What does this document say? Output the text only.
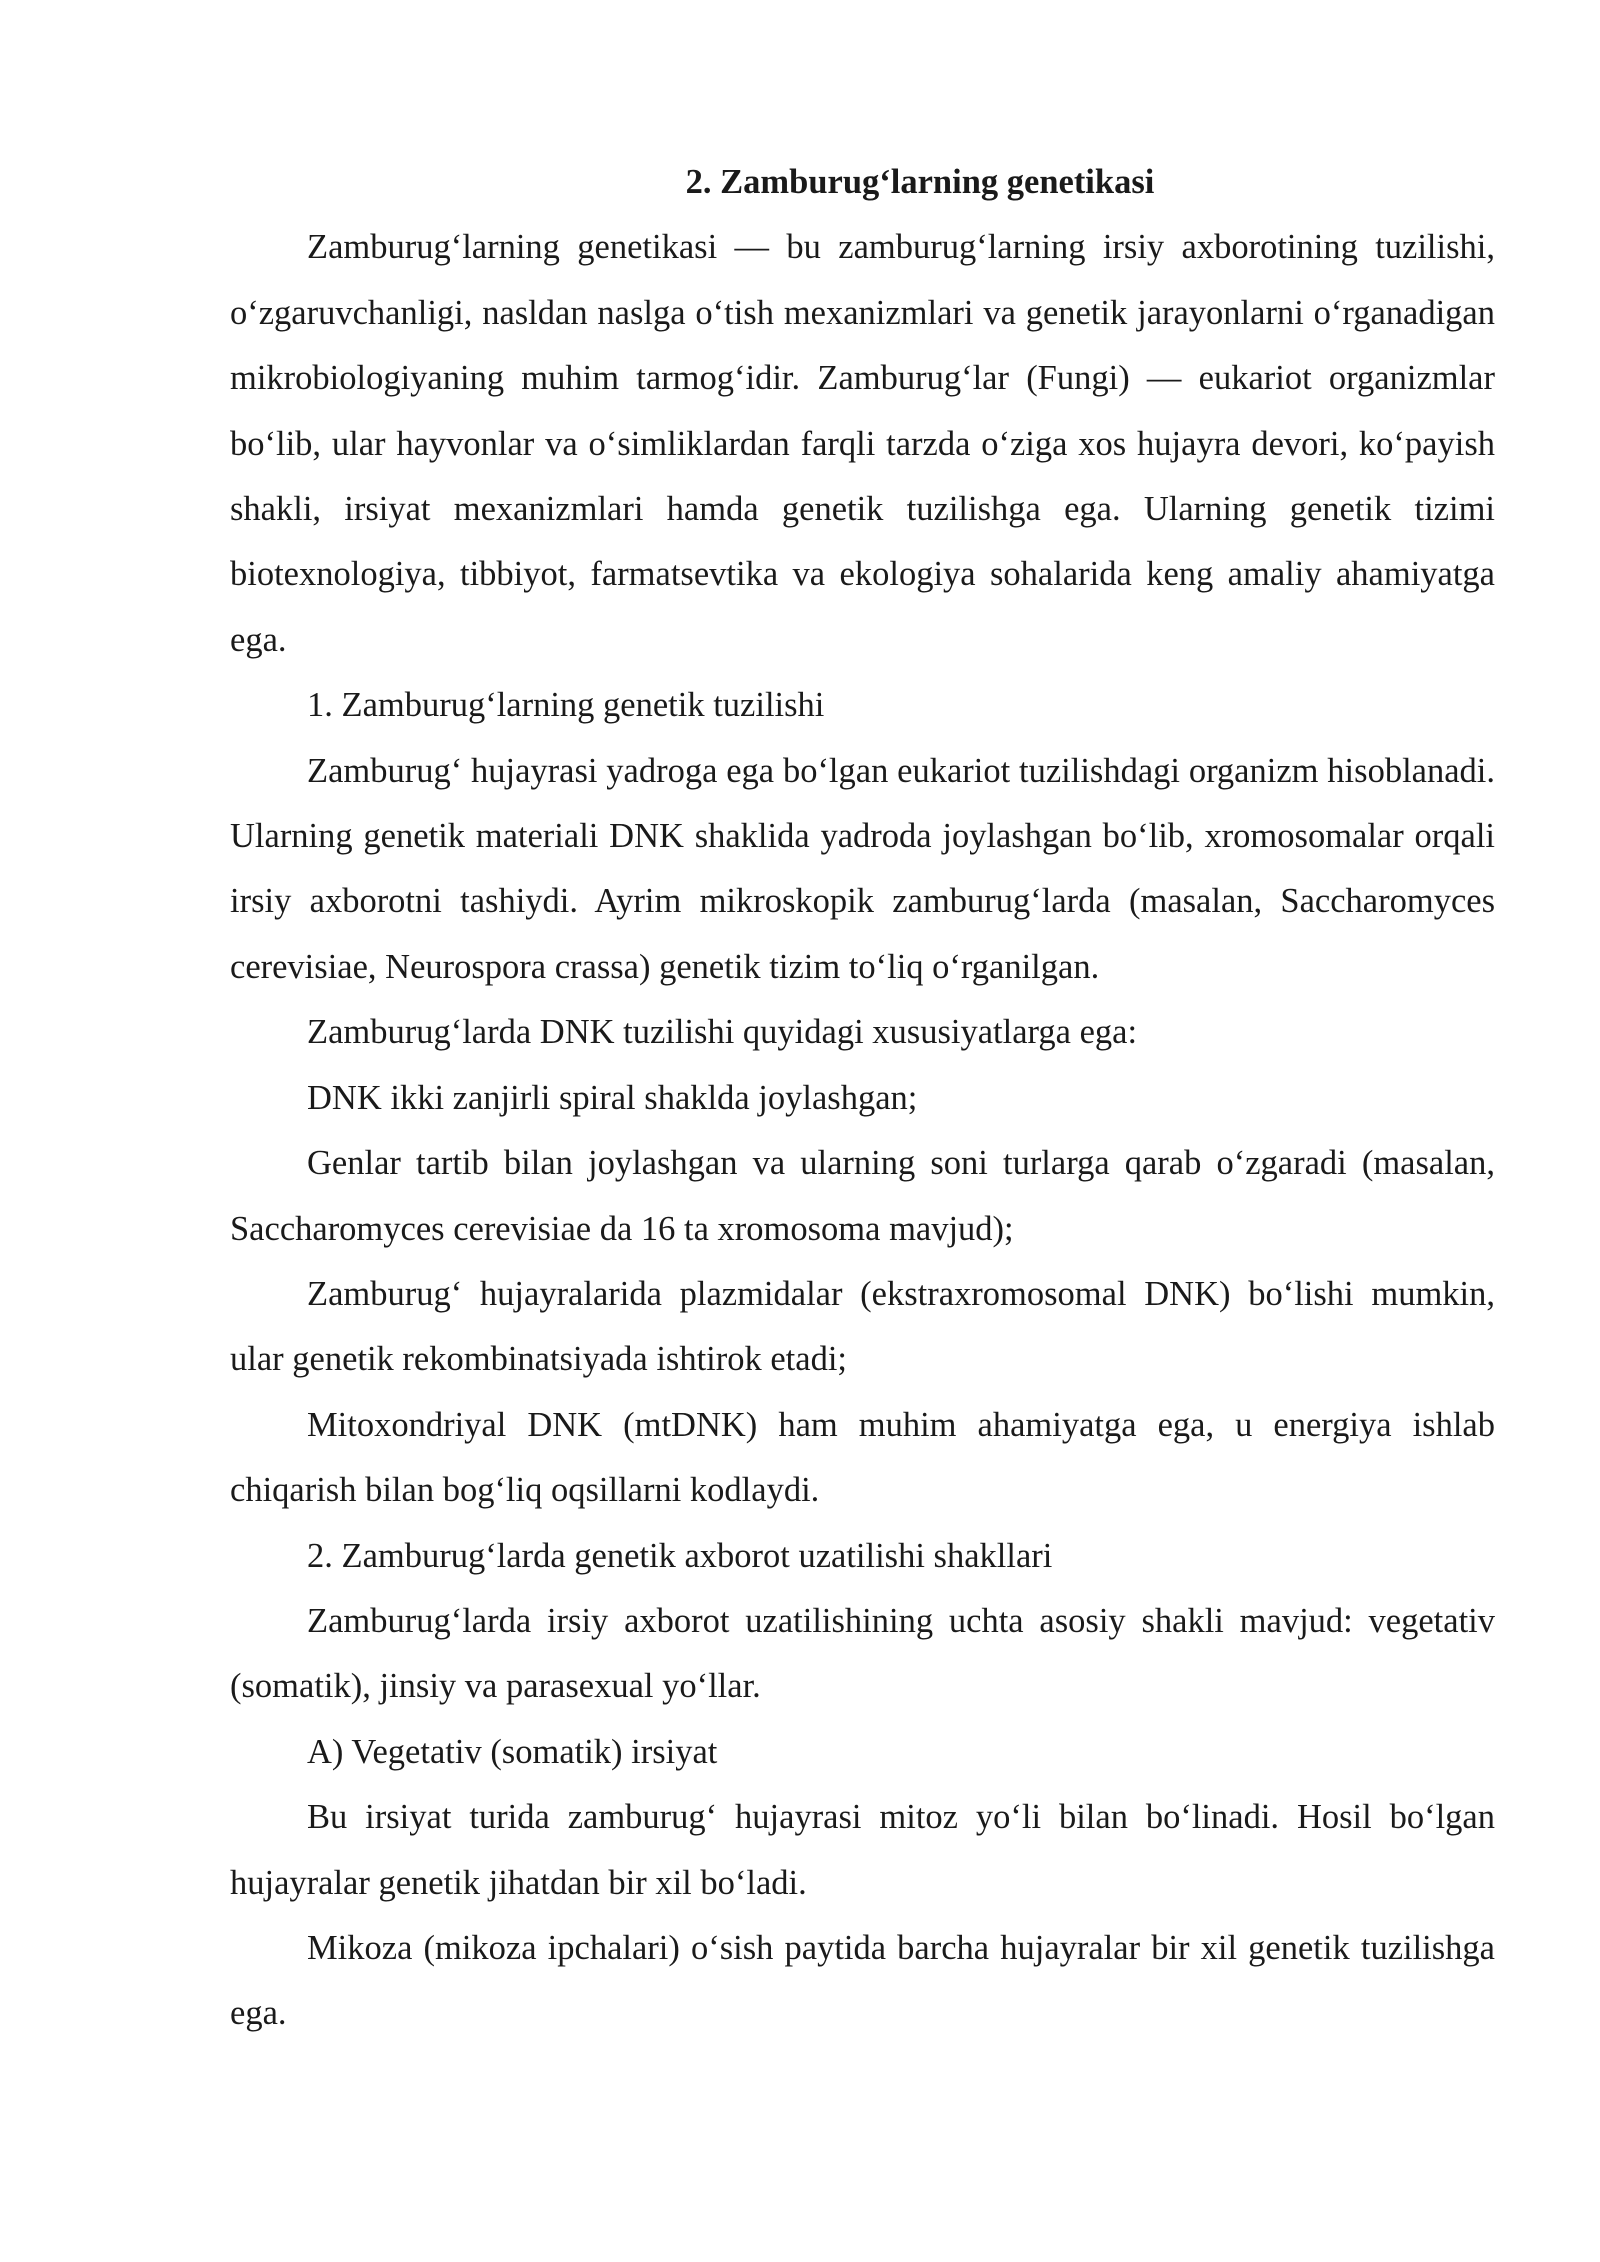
2. Zamburug‘larning genetikasi

Zamburug‘larning genetikasi — bu zamburug‘larning irsiy axborotining tuzilishi, o‘zgaruvchanligi, nasldan naslga o‘tish mexanizmlari va genetik jarayonlarni o‘rganadigan mikrobiologiyaning muhim tarmog‘idir. Zamburug‘lar (Fungi) — eukariot organizmlar bo‘lib, ular hayvonlar va o‘simliklardan farqli tarzda o‘ziga xos hujayra devori, ko‘payish shakli, irsiyat mexanizmlari hamda genetik tuzilishga ega. Ularning genetik tizimi biotexnologiya, tibbiyot, farmatsevtika va ekologiya sohalarida keng amaliy ahamiyatga ega.

1. Zamburug‘larning genetik tuzilishi

Zamburug‘ hujayrasi yadroga ega bo‘lgan eukariot tuzilishdagi organizm hisoblanadi. Ularning genetik materiali DNK shaklida yadroda joylashgan bo‘lib, xromosomalar orqali irsiy axborotni tashiydi. Ayrim mikroskopik zamburug‘larda (masalan, Saccharomyces cerevisiae, Neurospora crassa) genetik tizim to‘liq o‘rganilgan.

Zamburug‘larda DNK tuzilishi quyidagi xususiyatlarga ega:

DNK ikki zanjirli spiral shaklda joylashgan;

Genlar tartib bilan joylashgan va ularning soni turlarga qarab o‘zgaradi (masalan, Saccharomyces cerevisiae da 16 ta xromosoma mavjud);

Zamburug‘ hujayralarida plazmidalar (ekstraxromosomal DNK) bo‘lishi mumkin, ular genetik rekombinatsiyada ishtirok etadi;

Mitoxondriyal DNK (mtDNK) ham muhim ahamiyatga ega, u energiya ishlab chiqarish bilan bog‘liq oqsillarni kodlaydi.

2. Zamburug‘larda genetik axborot uzatilishi shakllari

Zamburug‘larda irsiy axborot uzatilishining uchta asosiy shakli mavjud: vegetativ (somatik), jinsiy va parasexual yo‘llar.

A) Vegetativ (somatik) irsiyat

Bu irsiyat turida zamburug‘ hujayrasi mitoz yo‘li bilan bo‘linadi. Hosil bo‘lgan hujayralar genetik jihatdan bir xil bo‘ladi.

Mikoza (mikoza ipchalari) o‘sish paytida barcha hujayralar bir xil genetik tuzilishga ega.
